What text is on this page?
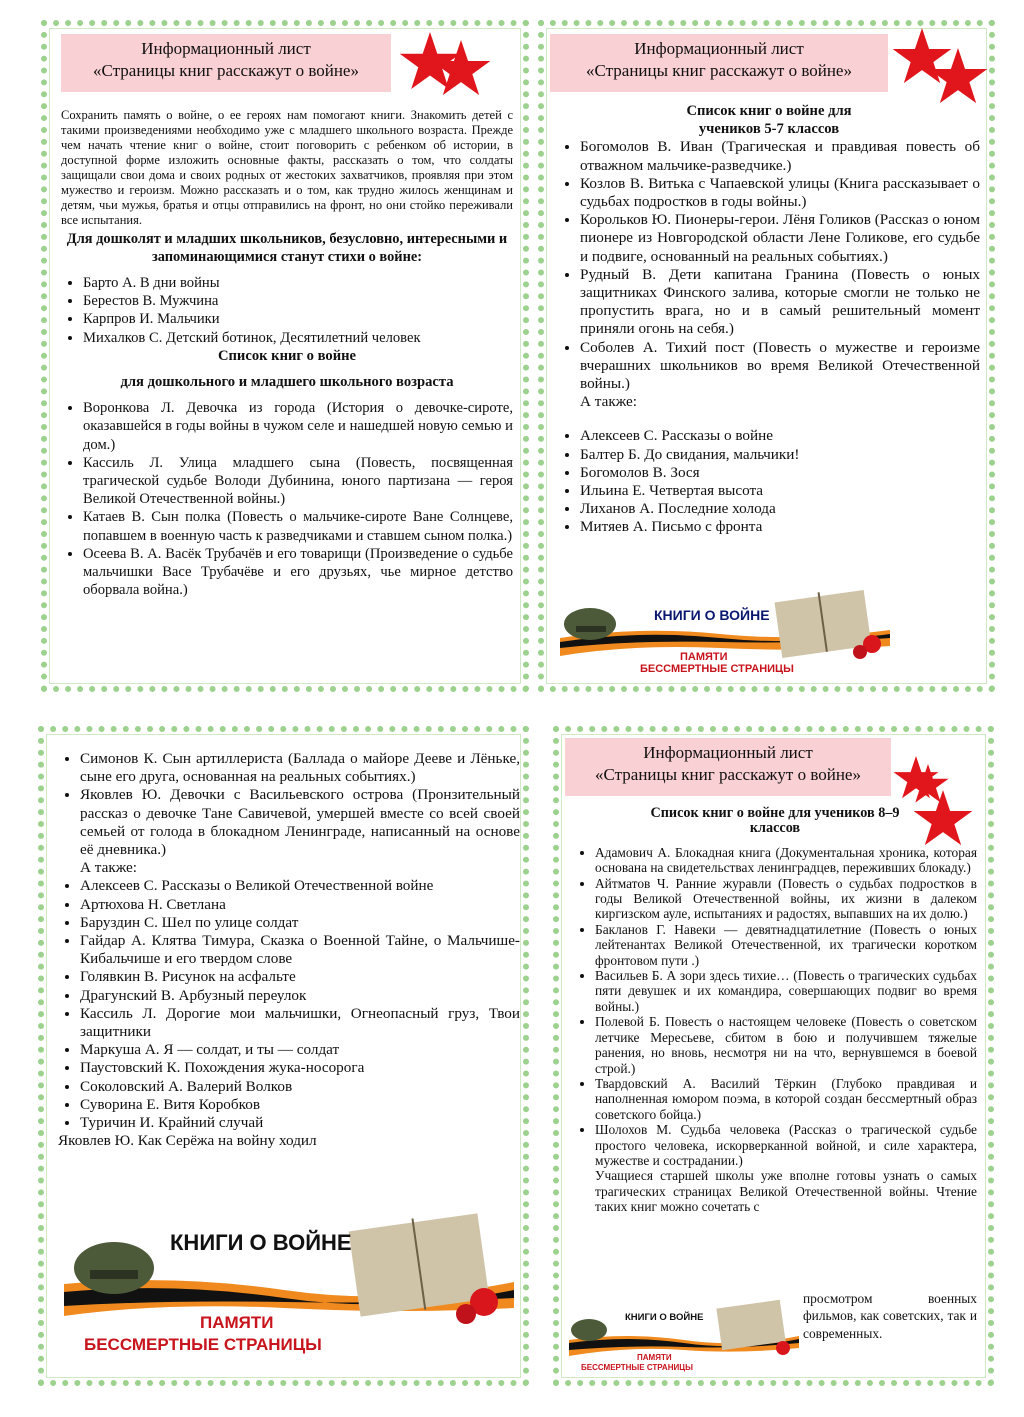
Информационный лист
«Страницы книг расскажут о войне»
Сохранить память о войне, о ее героях нам помогают книги. Знакомить детей с такими произведениями необходимо уже с младшего школьного возраста. Прежде чем начать чтение книг о войне, стоит поговорить с ребенком об истории, в доступной форме изложить основные факты, рассказать о том, что солдаты защищали свои дома и своих родных от жестоких захватчиков, проявляя при этом мужество и героизм. Можно рассказать и о том, как трудно жилось женщинам и детям, чьи мужья, братья и отцы отправились на фронт, но они стойко переживали все испытания.
Для дошколят и младших школьников, безусловно, интересными и запоминающимися станут стихи о войне:
• Барто А. В дни войны
• Берестов В. Мужчина
• Карпров И. Мальчики
• Михалков С. Детский ботинок, Десятилетний человек
Список книг о войне
для дошкольного и младшего школьного возраста
• Воронкова Л. Девочка из города (История о девочке-сироте, оказавшейся в годы войны в чужом селе и нашедшей новую семью и дом.)
• Кассиль Л. Улица младшего сына (Повесть, посвященная трагической судьбе Володи Дубинина, юного партизана — героя Великой Отечественной войны.)
• Катаев В. Сын полка (Повесть о мальчике-сироте Ване Солнцеве, попавшем в военную часть к разведчиками и ставшем сыном полка.)
• Осеева В. А. Васёк Трубачёв и его товарищи (Произведение о судьбе мальчишки Васе Трубачёве и его друзьях, чье мирное детство оборвала война.)
Информационный лист
«Страницы книг расскажут о войне»
Список книг о войне для
учеников 5-7 классов
• Богомолов В. Иван (Трагическая и правдивая повесть об отважном мальчике-разведчике.)
• Козлов В. Витька с Чапаевской улицы (Книга рассказывает о судьбах подростков в годы войны.)
• Корольков Ю. Пионеры-герои. Лёня Голиков (Рассказ о юном пионере из Новгородской области Лене Голикове, его судьбе и подвиге, основанный на реальных событиях.)
• Рудный В. Дети капитана Гранина (Повесть о юных защитниках Финского залива, которые смогли не только не пропустить врага, но и в самый решительный момент приняли огонь на себя.)
• Соболев А. Тихий пост (Повесть о мужестве и героизме вчерашних школьников во время Великой Отечественной войны.)
А также:
• Алексеев С. Рассказы о войне
• Балтер Б. До свидания, мальчики!
• Богомолов В. Зося
• Ильина Е. Четвертая высота
• Лиханов А. Последние холода
• Митяев А. Письмо с фронта
КНИГИ О ВОЙНЕ
ПАМЯТИ
БЕССМЕРТНЫЕ СТРАНИЦЫ
• Симонов К. Сын артиллериста (Баллада о майоре Дееве и Лёньке, сыне его друга, основанная на реальных событиях.)
• Яковлев Ю. Девочки с Васильевского острова (Пронзительный рассказ о девочке Тане Савичевой, умершей вместе со всей своей семьей от голода в блокадном Ленинграде, написанный на основе её дневника.)
А также:
• Алексеев С. Рассказы о Великой Отечественной войне
• Артюхова Н. Светлана
• Баруздин С. Шел по улице солдат
• Гайдар А. Клятва Тимура, Сказка о Военной Тайне, о Мальчише-Кибальчише и его твердом слове
• Голявкин В. Рисунок на асфальте
• Драгунский В. Арбузный переулок
• Кассиль Л. Дорогие мои мальчишки, Огнеопасный груз, Твои защитники
• Маркуша А. Я — солдат, и ты — солдат
• Паустовский К. Похождения жука-носорога
• Соколовский А. Валерий Волков
• Суворина Е. Витя Коробков
• Туричин И. Крайний случай
Яковлев Ю. Как Серёжа на войну ходил
КНИГИ О ВОЙНЕ
ПАМЯТИ
БЕССМЕРТНЫЕ СТРАНИЦЫ
Информационный лист
«Страницы книг расскажут о войне»
Список книг о войне для учеников 8–9
классов
• Адамович А. Блокадная книга (Документальная хроника, которая основана на свидетельствах ленинградцев, переживших блокаду.)
• Айтматов Ч. Ранние журавли (Повесть о судьбах подростков в годы Великой Отечественной войны, их жизни в далеком киргизском ауле, испытаниях и радостях, выпавших на их долю.)
• Бакланов Г. Навеки — девятнадцатилетние (Повесть о юных лейтенантах Великой Отечественной, их трагически коротком фронтовом пути .)
• Васильев Б. А зори здесь тихие… (Повесть о трагических судьбах пяти девушек и их командира, совершающих подвиг во время войны.)
• Полевой Б. Повесть о настоящем человеке (Повесть о советском летчике Мересьеве, сбитом в бою и получившем тяжелые ранения, но вновь, несмотря ни на что, вернувшемся в боевой строй.)
• Твардовский А. Василий Тёркин (Глубоко правдивая и наполненная юмором поэма, в которой создан бессмертный образ советского бойца.)
• Шолохов М. Судьба человека (Рассказ о трагической судьбе простого человека, искорверканной войной, и силе характера, мужестве и сострадании.)
Учащиеся старшей школы уже вполне готовы узнать о самых трагических страницах Великой Отечественной войны. Чтение таких книг можно сочетать с
КНИГИ О ВОЙНЕ
ПАМЯТИ
БЕССМЕРТНЫЕ СТРАНИЦЫ
просмотром военных фильмов, как советских, так и современных.
